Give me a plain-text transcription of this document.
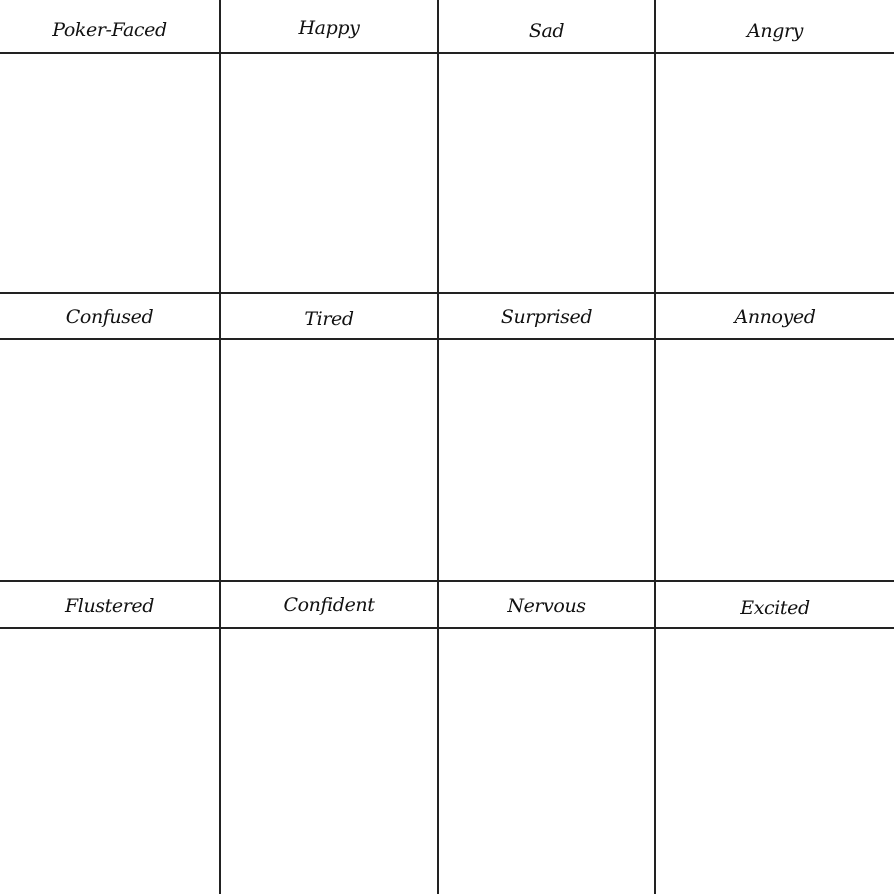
Poker-Faced	Happy	Sad	Angry
Confused	Tired	Surprised	Annoyed
Flustered	Confident	Nervous	Excited
